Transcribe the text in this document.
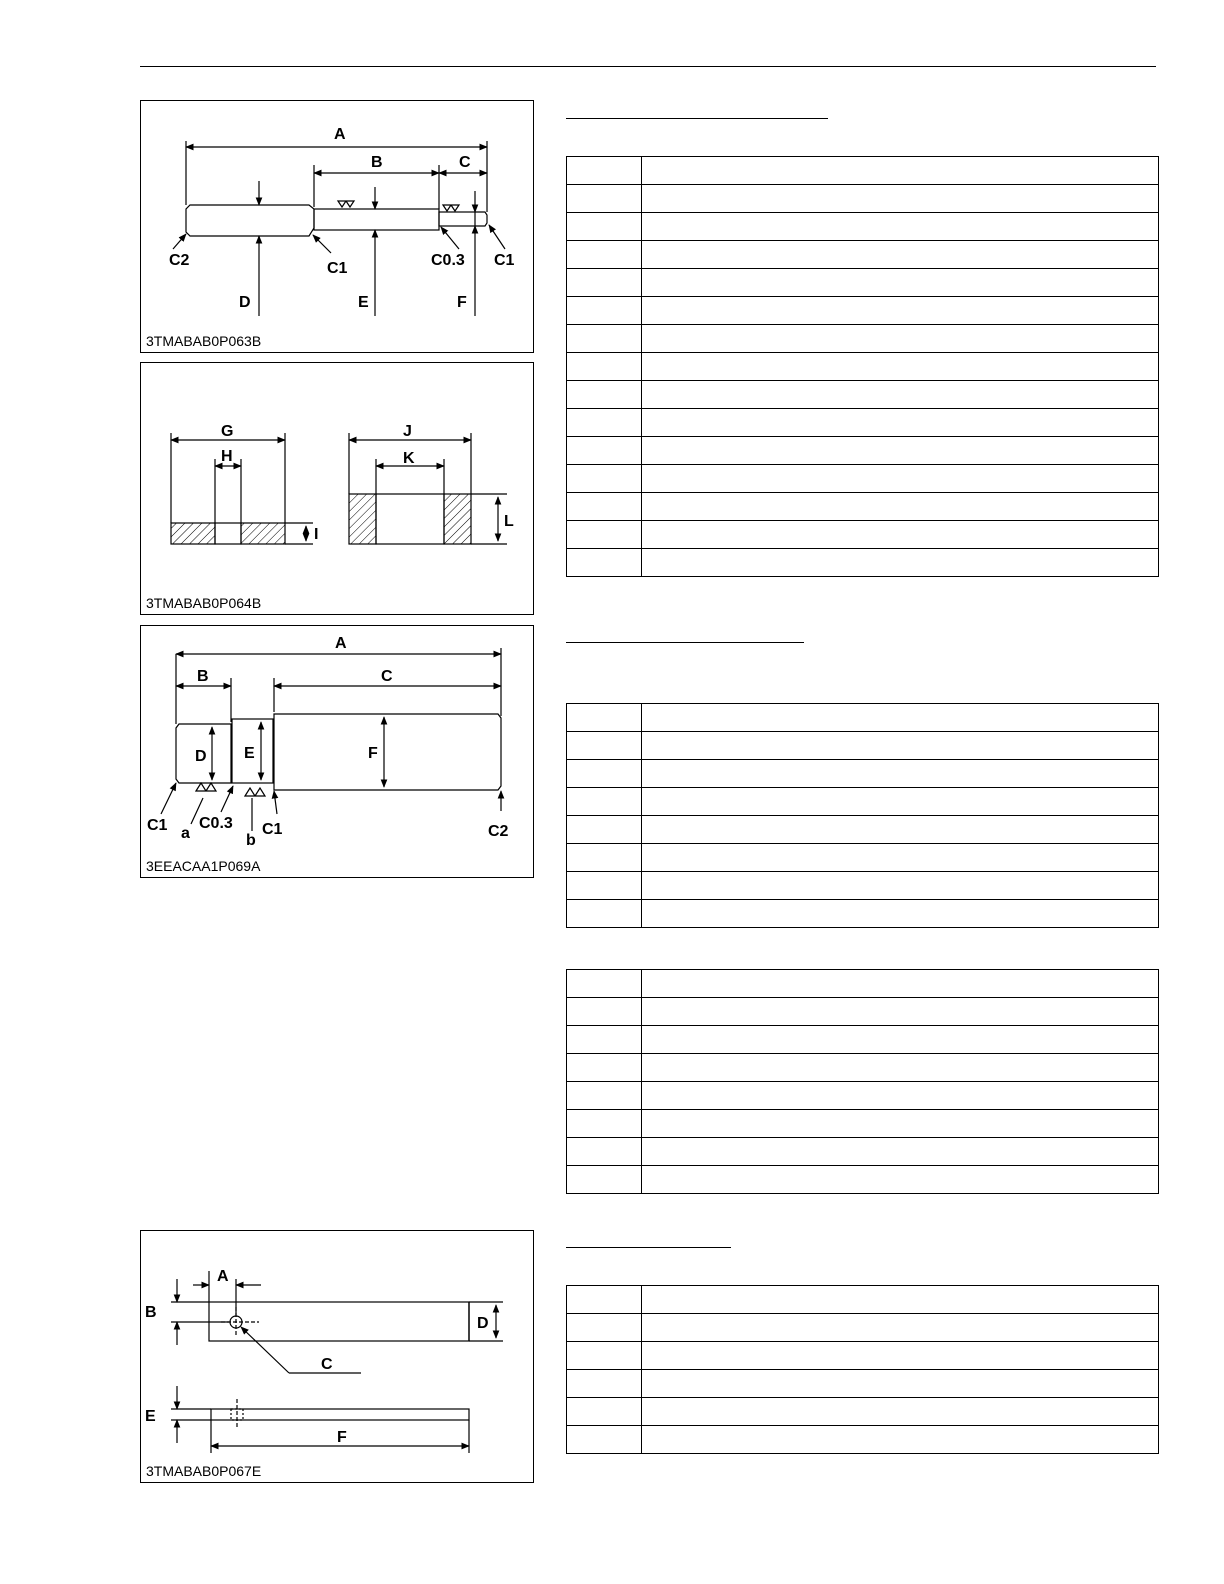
A
B	C
C2	C1	C0.3 C1
D	E	F
3TMABAB0P063B
G
H
I
J
K
L
3TMABAB0P064B
A
B	C
D E	F
C1 a
C0.3
b
C1	C2
3EEACAA1P069A
A
B
C
D
E
F
3TMABAB0P067E
